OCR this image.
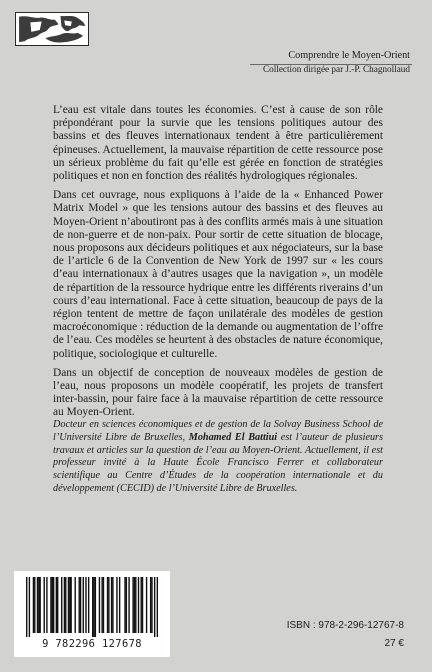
Comprendre le Moyen-Orient
Collection dirigée par J.-P. Chagnollaud

L’eau est vitale dans toutes les économies. C’est à cause de son rôle prépondérant pour la survie que les tensions politiques autour des bassins et des fleuves internationaux tendent à être particulièrement épineuses. Actuellement, la mauvaise répartition de cette ressource pose un sérieux problème du fait qu’elle est gérée en fonction de stratégies politiques et non en fonction des réalités hydrologiques régionales.

Dans cet ouvrage, nous expliquons à l’aide de la « Enhanced Power Matrix Model » que les tensions autour des bassins et des fleuves au Moyen-Orient n’aboutiront pas à des conflits armés mais à une situation de non-guerre et de non-paix. Pour sortir de cette situation de blocage, nous proposons aux décideurs politiques et aux négociateurs, sur la base de l’article 6 de la Convention de New York de 1997 sur « les cours d’eau internationaux à d’autres usages que la navigation », un modèle de répartition de la ressource hydrique entre les différents riverains d’un cours d’eau international. Face à cette situation, beaucoup de pays de la région tentent de mettre de façon unilatérale des modèles de gestion macroéconomique : réduction de la demande ou augmentation de l’offre de l’eau. Ces modèles se heurtent à des obstacles de nature économique, politique, sociologique et culturelle.

Dans un objectif de conception de nouveaux modèles de gestion de l’eau, nous proposons un modèle coopératif, les projets de transfert inter-bassin, pour faire face à la mauvaise répartition de cette ressource au Moyen-Orient.

Docteur en sciences économiques et de gestion de la Solvay Business School de l’Université Libre de Bruxelles, Mohamed El Battiui est l’auteur de plusieurs travaux et articles sur la question de l’eau au Moyen-Orient. Actuellement, il est professeur invité à la Haute École Francisco Ferrer et collaborateur scientifique au Centre d’Études de la coopération internationale et du développement (CECID) de l’Université Libre de Bruxelles.
9 782296 127678
ISBN : 978-2-296-12767-8
27 €
